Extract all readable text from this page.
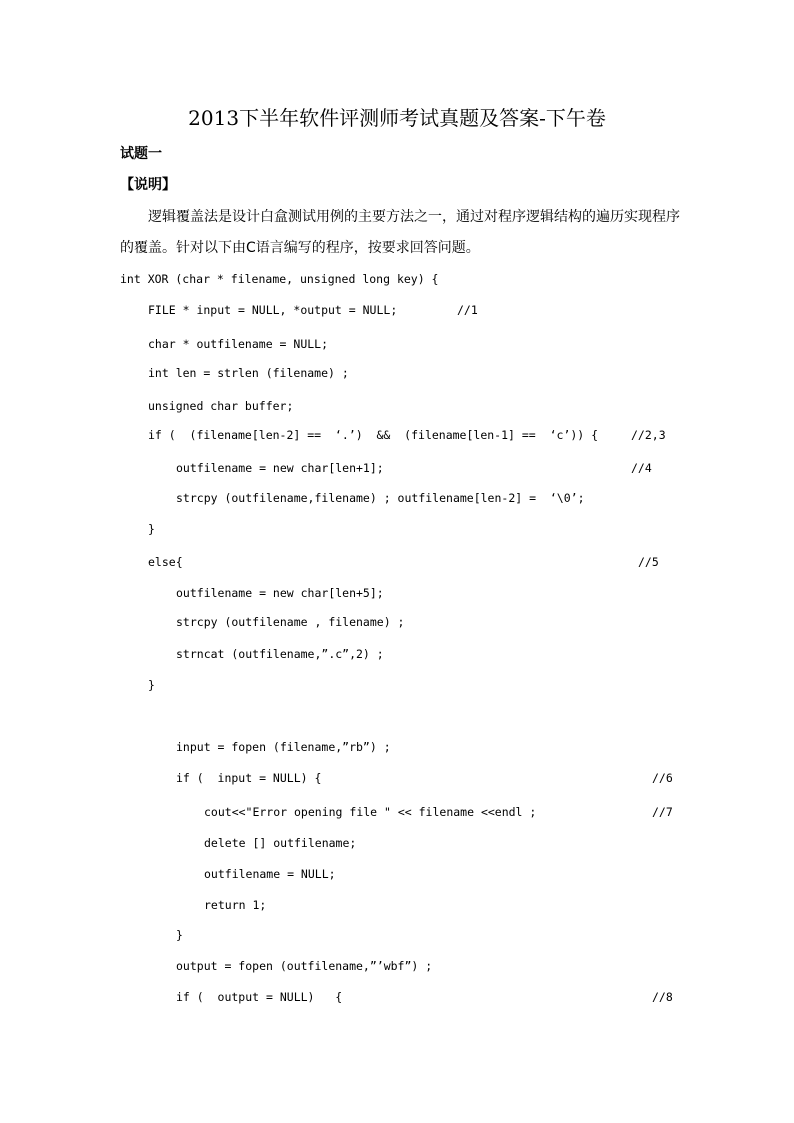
2013下半年软件评测师考试真题及答案-下午卷
试题一
【说明】
逻辑覆盖法是设计白盒测试用例的主要方法之一，通过对程序逻辑结构的遍历实现程序的覆盖。针对以下由C语言编写的程序，按要求回答问题。
int XOR (char * filename, unsigned long key) {
FILE * input = NULL, *output = NULL;	//1
char * outfilename = NULL;
int len = strlen (filename) ;
unsigned char buffer;
if (  (filename[len-2] ==  ‘.’)  &&  (filename[len-1] ==  ‘c’)) {	//2,3
outfilename = new char[len+1];	//4
strcpy (outfilename,filename) ; outfilename[len-2] =  ‘\0’;
}
else{	//5
outfilename = new char[len+5];
strcpy (outfilename , filename) ;
strncat (outfilename,”.c”,2) ;
}
input = fopen (filename,”rb”) ;
if (  input = NULL) {	//6
cout<<"Error opening file " << filename <<endl ;	//7
delete [] outfilename;
outfilename = NULL;
return 1;
}
output = fopen (outfilename,”’wbf”) ;
if (  output = NULL)   {	//8
